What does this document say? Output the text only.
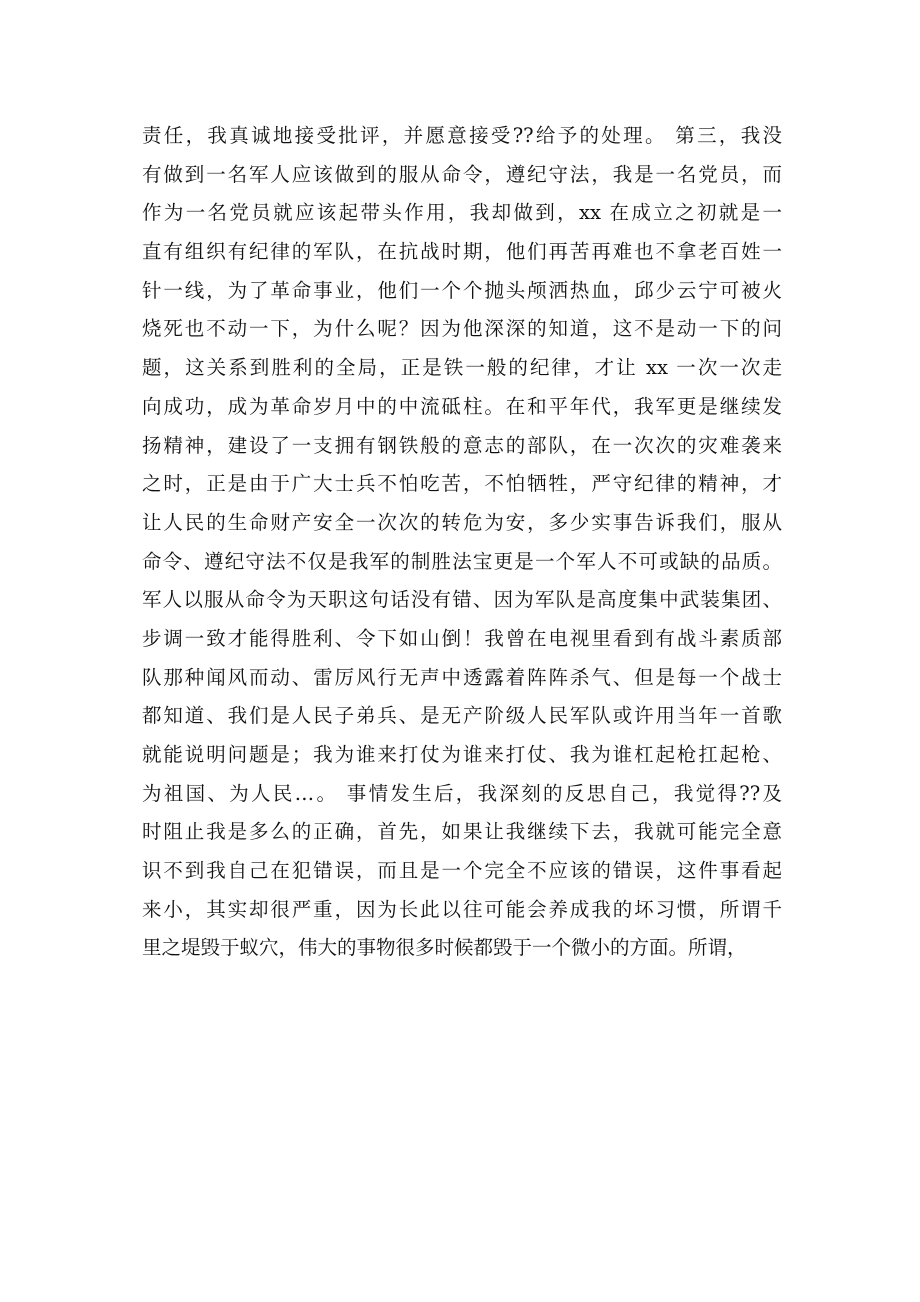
责任，我真诚地接受批评，并愿意接受??给予的处理。 第三，我没
有做到一名军人应该做到的服从命令，遵纪守法，我是一名党员，而
作为一名党员就应该起带头作用，我却做到，xx 在成立之初就是一
直有组织有纪律的军队，在抗战时期，他们再苦再难也不拿老百姓一
针一线，为了革命事业，他们一个个抛头颅洒热血，邱少云宁可被火
烧死也不动一下，为什么呢？因为他深深的知道，这不是动一下的问
题，这关系到胜利的全局，正是铁一般的纪律，才让 xx 一次一次走
向成功，成为革命岁月中的中流砥柱。在和平年代，我军更是继续发
扬精神，建设了一支拥有钢铁般的意志的部队，在一次次的灾难袭来
之时，正是由于广大士兵不怕吃苦，不怕牺牲，严守纪律的精神，才
让人民的生命财产安全一次次的转危为安，多少实事告诉我们，服从
命令、遵纪守法不仅是我军的制胜法宝更是一个军人不可或缺的品质。
军人以服从命令为天职这句话没有错、因为军队是高度集中武装集团、
步调一致才能得胜利、令下如山倒！我曾在电视里看到有战斗素质部
队那种闻风而动、雷厉风行无声中透露着阵阵杀气、但是每一个战士
都知道、我们是人民子弟兵、是无产阶级人民军队或许用当年一首歌
就能说明问题是；我为谁来打仗为谁来打仗、我为谁杠起枪扛起枪、
为祖国、为人民…。 事情发生后，我深刻的反思自己，我觉得??及
时阻止我是多么的正确，首先，如果让我继续下去，我就可能完全意
识不到我自己在犯错误，而且是一个完全不应该的错误，这件事看起
来小，其实却很严重，因为长此以往可能会养成我的坏习惯，所谓千
里之堤毁于蚁穴，伟大的事物很多时候都毁于一个微小的方面。所谓，
